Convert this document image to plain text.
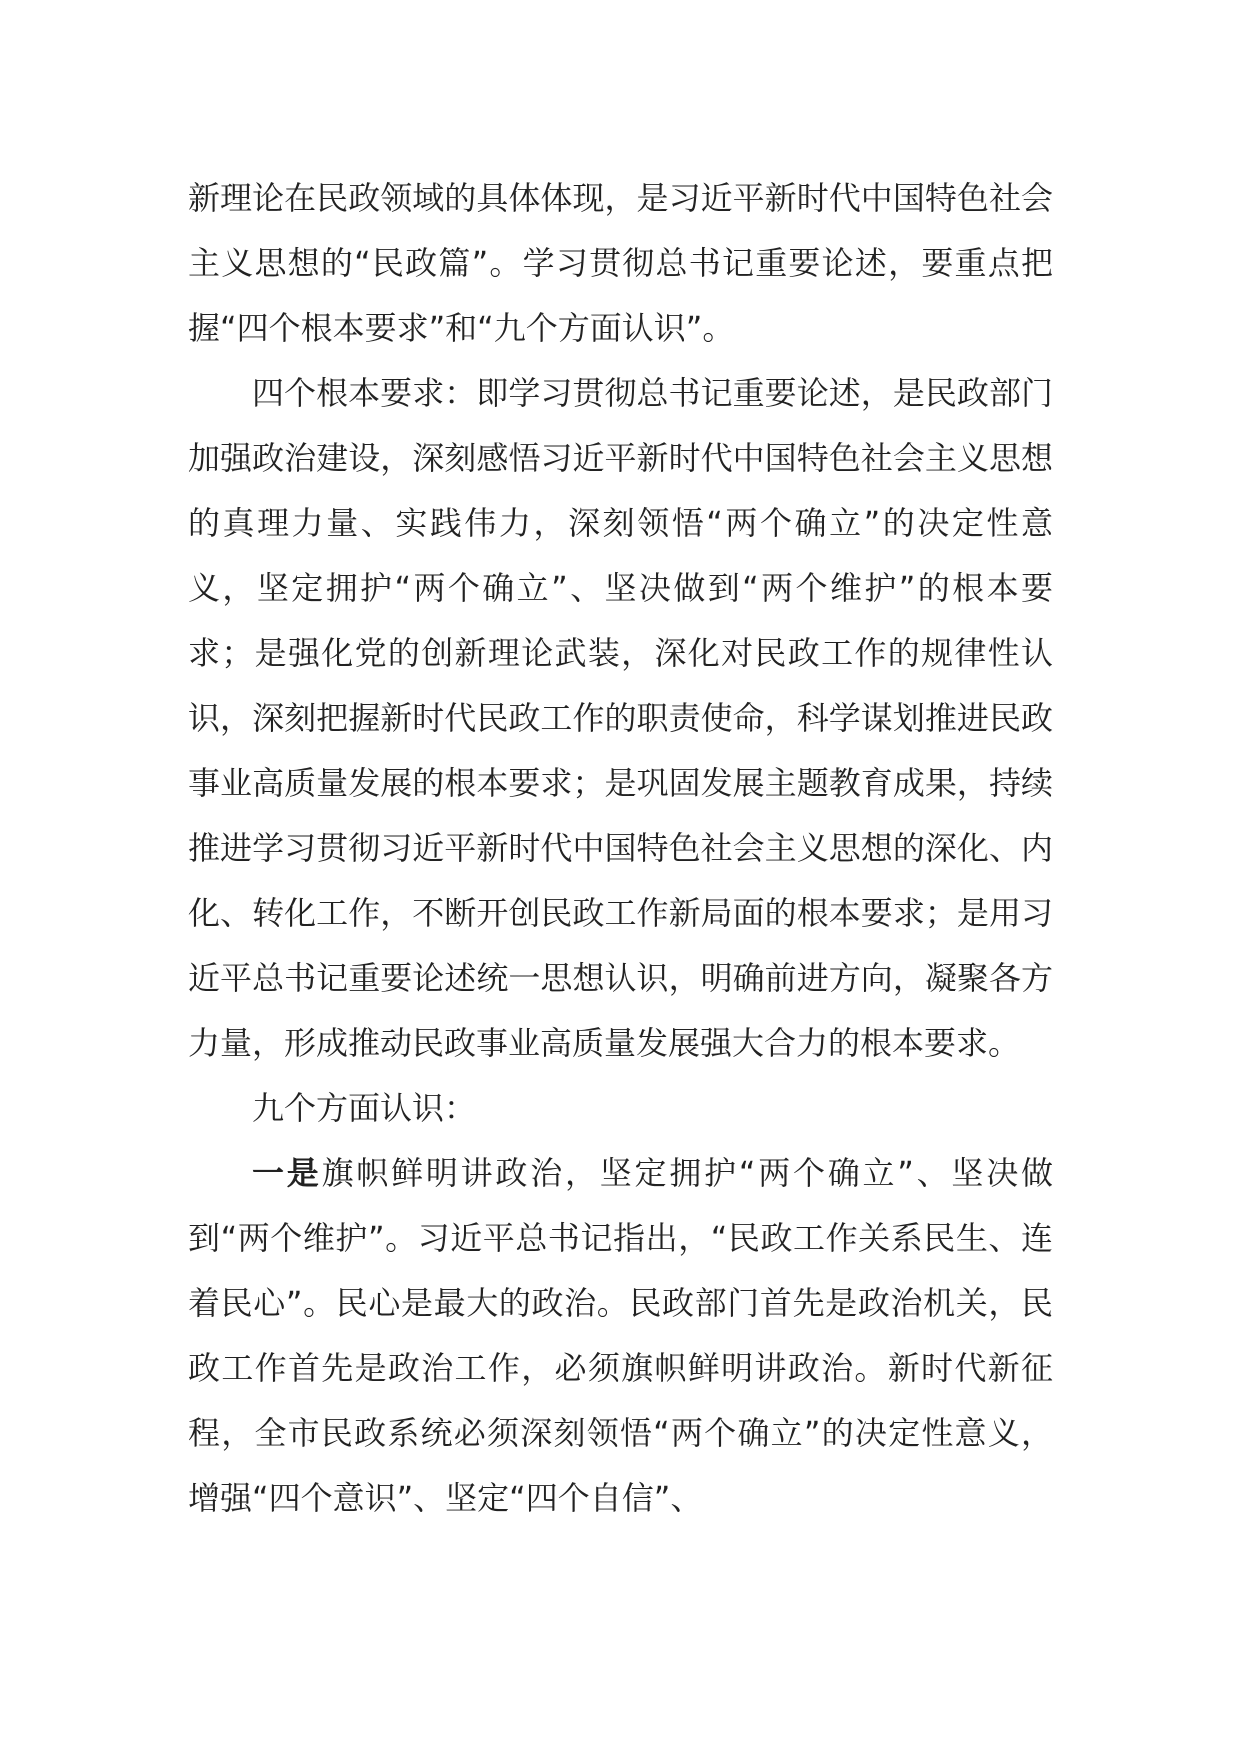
新理论在民政领域的具体体现，是习近平新时代中国特色社会主义思想的“民政篇”。学习贯彻总书记重要论述，要重点把握“四个根本要求”和“九个方面认识”。

四个根本要求：即学习贯彻总书记重要论述，是民政部门加强政治建设，深刻感悟习近平新时代中国特色社会主义思想的真理力量、实践伟力，深刻领悟“两个确立”的决定性意义，坚定拥护“两个确立”、坚决做到“两个维护”的根本要求；是强化党的创新理论武装，深化对民政工作的规律性认识，深刻把握新时代民政工作的职责使命，科学谋划推进民政事业高质量发展的根本要求；是巩固发展主题教育成果，持续推进学习贯彻习近平新时代中国特色社会主义思想的深化、内化、转化工作，不断开创民政工作新局面的根本要求；是用习近平总书记重要论述统一思想认识，明确前进方向，凝聚各方力量，形成推动民政事业高质量发展强大合力的根本要求。

九个方面认识：

一是旗帜鲜明讲政治，坚定拥护“两个确立”、坚决做到“两个维护”。习近平总书记指出，“民政工作关系民生、连着民心”。民心是最大的政治。民政部门首先是政治机关，民政工作首先是政治工作，必须旗帜鲜明讲政治。新时代新征程，全市民政系统必须深刻领悟“两个确立”的决定性意义，增强“四个意识”、坚定“四个自信”、
